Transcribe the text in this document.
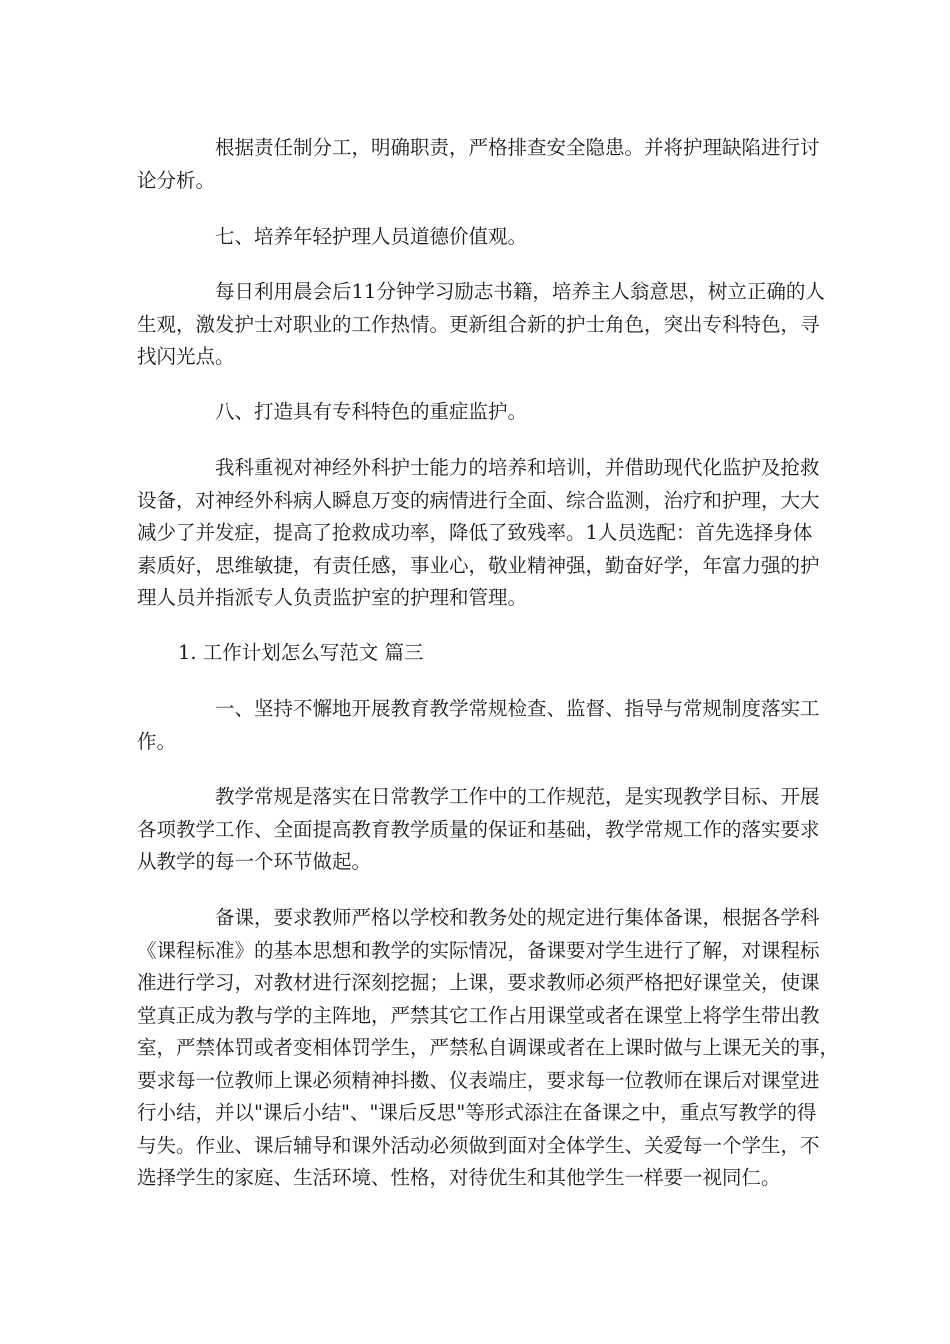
根据责任制分工，明确职责，严格排查安全隐患。并将护理缺陷进行讨
论分析。
七、培养年轻护理人员道德价值观。
每日利用晨会后11分钟学习励志书籍，培养主人翁意思，树立正确的人
生观，激发护士对职业的工作热情。更新组合新的护士角色，突出专科特色，寻
找闪光点。
八、打造具有专科特色的重症监护。
我科重视对神经外科护士能力的培养和培训，并借助现代化监护及抢救
设备，对神经外科病人瞬息万变的病情进行全面、综合监测，治疗和护理，大大
减少了并发症，提高了抢救成功率，降低了致残率。1人员选配：首先选择身体
素质好，思维敏捷，有责任感，事业心，敬业精神强，勤奋好学，年富力强的护
理人员并指派专人负责监护室的护理和管理。
1. 工作计划怎么写范文 篇三
一、坚持不懈地开展教育教学常规检查、监督、指导与常规制度落实工
作。
教学常规是落实在日常教学工作中的工作规范，是实现教学目标、开展
各项教学工作、全面提高教育教学质量的保证和基础，教学常规工作的落实要求
从教学的每一个环节做起。
备课，要求教师严格以学校和教务处的规定进行集体备课，根据各学科
《课程标准》的基本思想和教学的实际情况，备课要对学生进行了解，对课程标
准进行学习，对教材进行深刻挖掘；上课，要求教师必须严格把好课堂关，使课
堂真正成为教与学的主阵地，严禁其它工作占用课堂或者在课堂上将学生带出教
室，严禁体罚或者变相体罚学生，严禁私自调课或者在上课时做与上课无关的事，
要求每一位教师上课必须精神抖擞、仪表端庄，要求每一位教师在课后对课堂进
行小结，并以"课后小结"、"课后反思"等形式添注在备课之中，重点写教学的得
与失。作业、课后辅导和课外活动必须做到面对全体学生、关爱每一个学生，不
选择学生的家庭、生活环境、性格，对待优生和其他学生一样要一视同仁。
